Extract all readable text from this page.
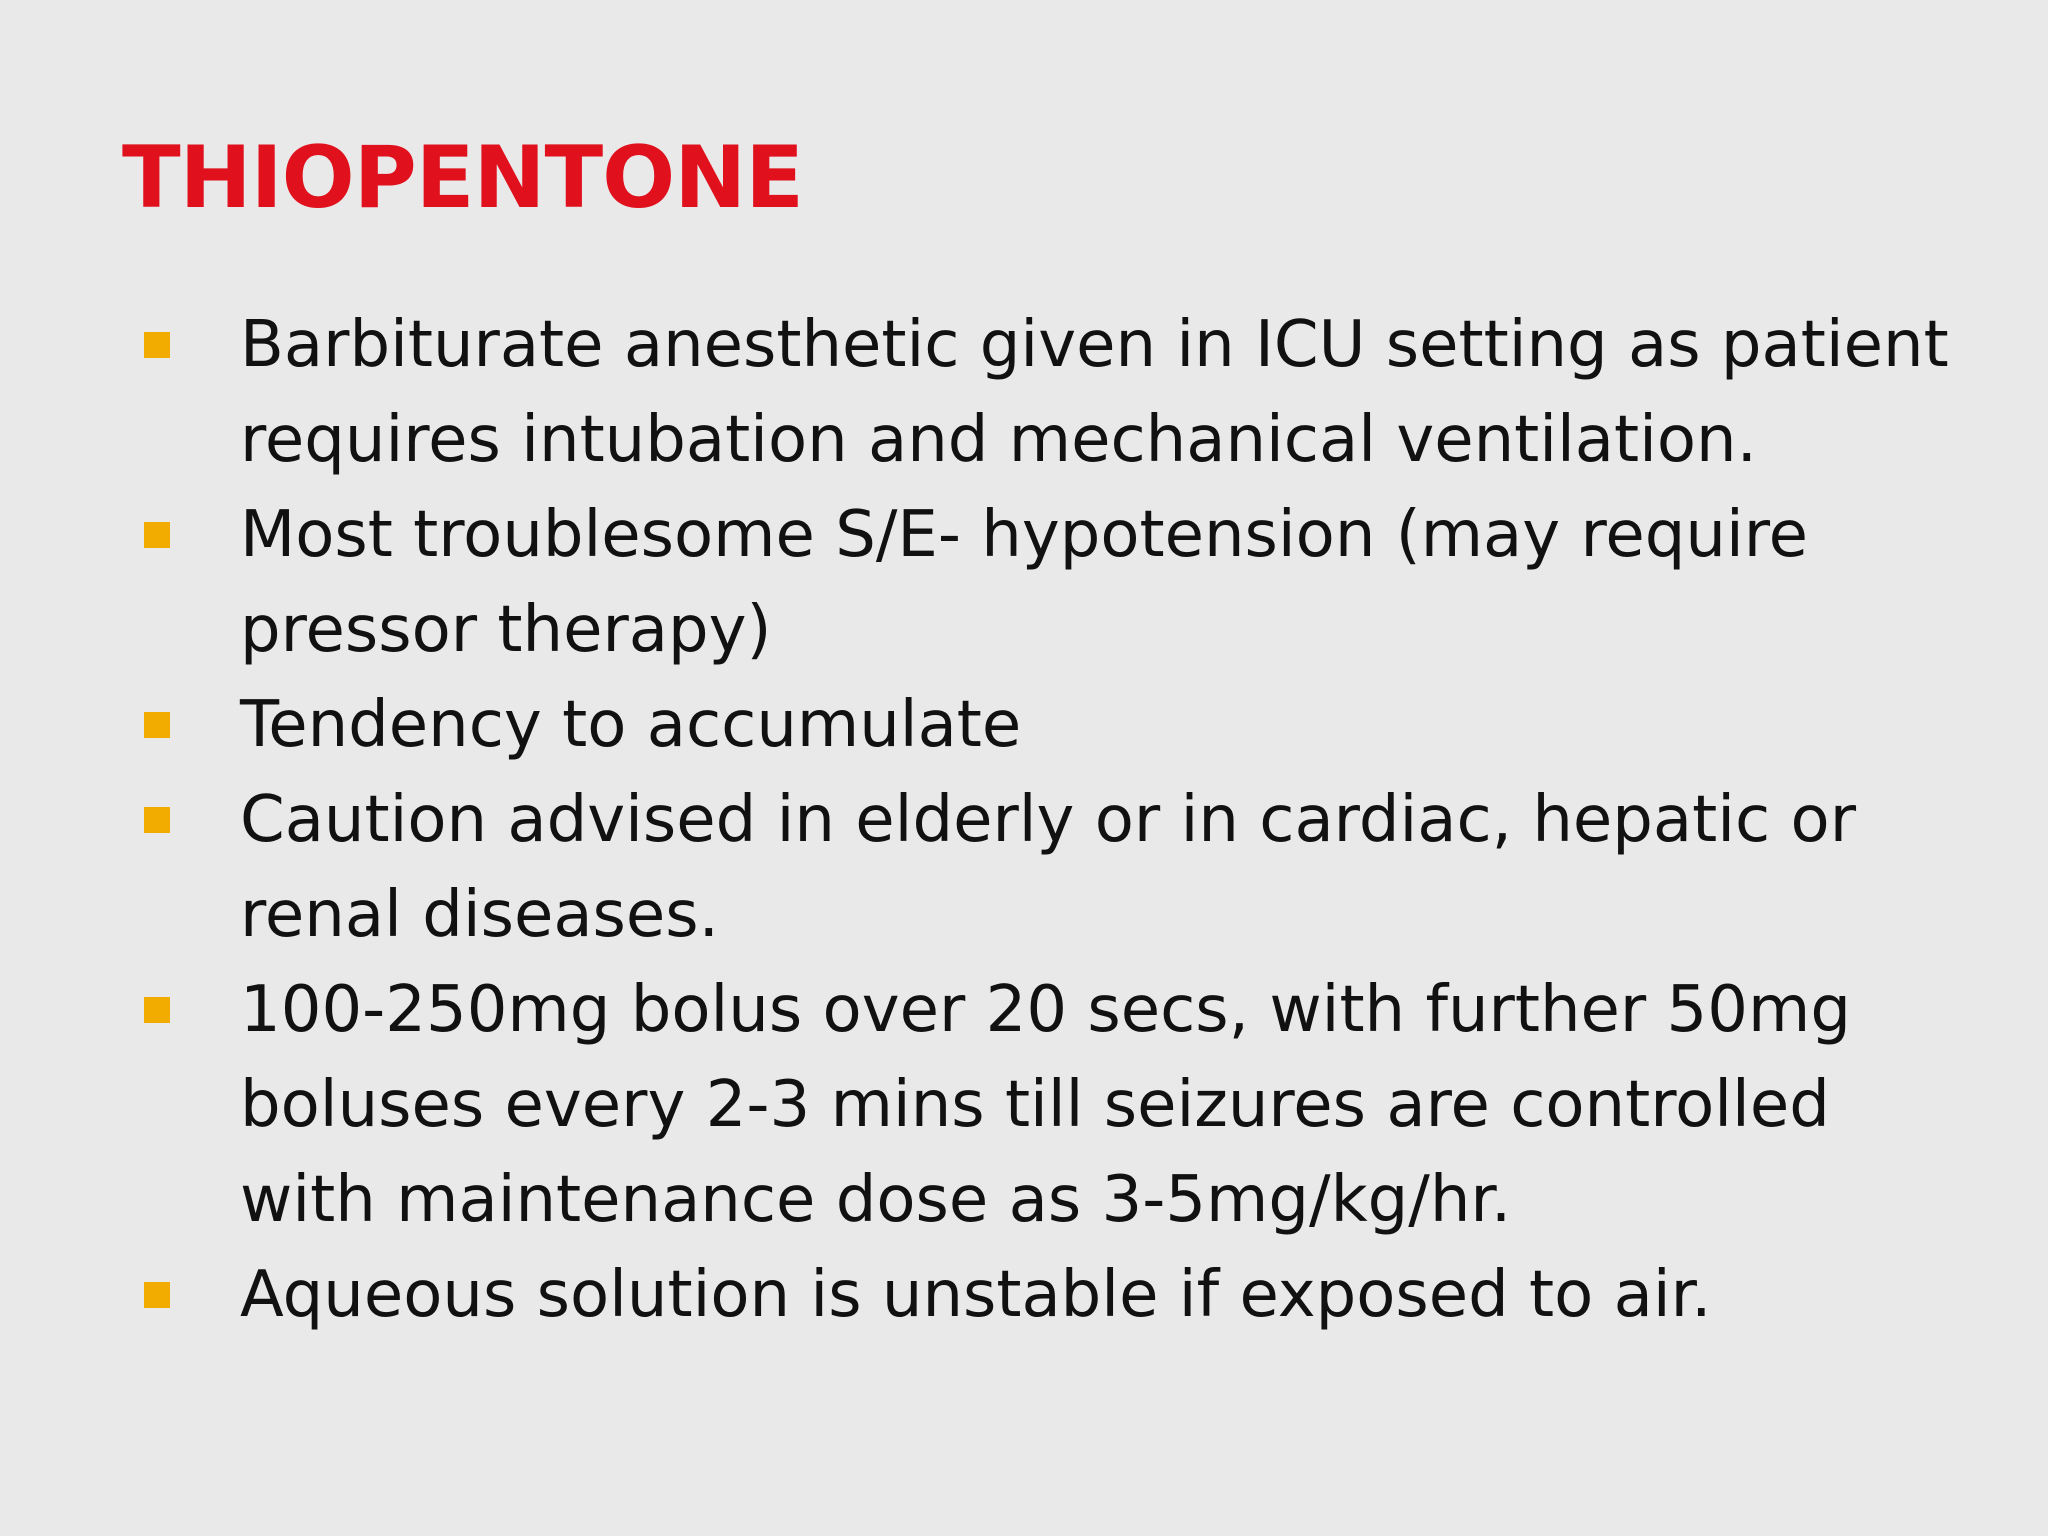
THIOPENTONE
Barbiturate anesthetic given in ICU setting as patient requires intubation and mechanical ventilation.
Most troublesome S/E- hypotension (may require pressor therapy)
Tendency to accumulate
Caution advised in elderly or in cardiac, hepatic or renal diseases.
100-250mg bolus over 20 secs, with further 50mg boluses every 2-3 mins till seizures are controlled with maintenance dose as 3-5mg/kg/hr.
Aqueous solution is unstable if exposed to air.
